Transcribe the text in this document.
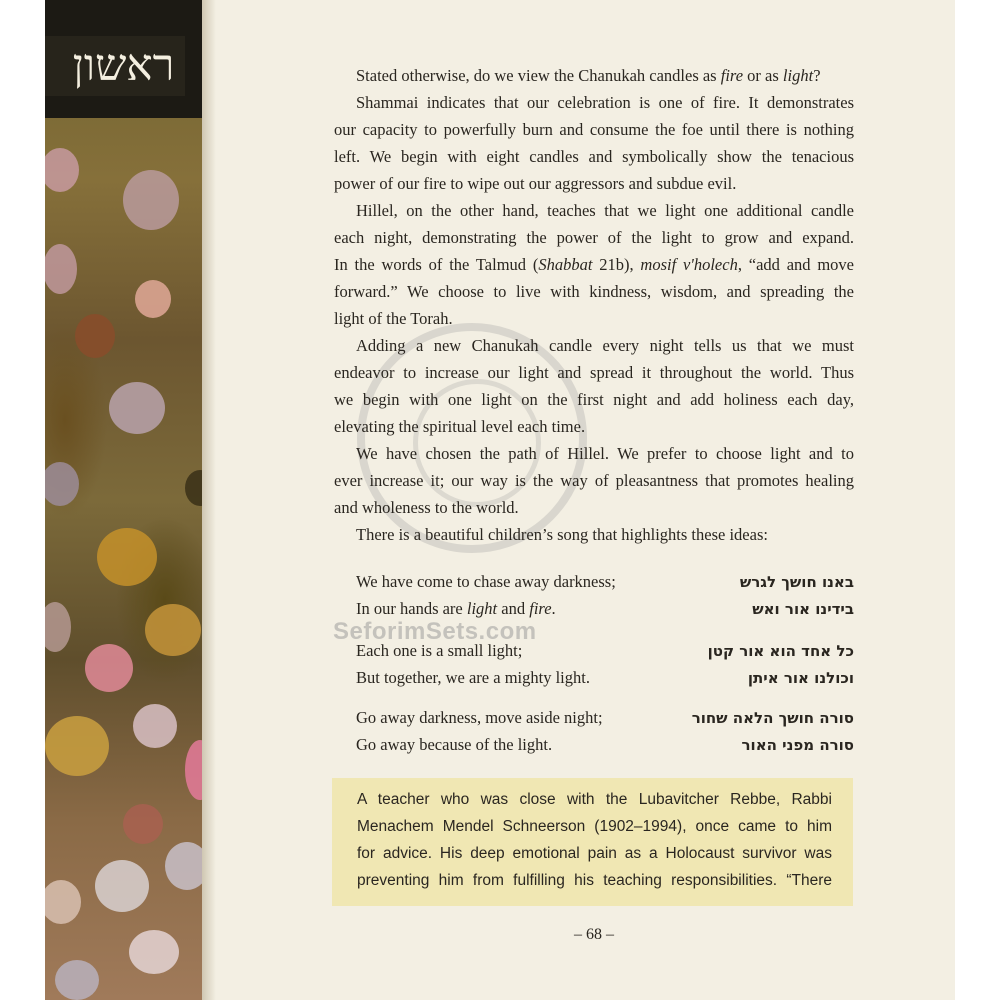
ראשון
SeforimSets.com

Stated otherwise, do we view the Chanukah candles as fire or as light?

Shammai indicates that our celebration is one of fire. It demonstrates
our capacity to powerfully burn and consume the foe until there is nothing
left. We begin with eight candles and symbolically show the tenacious
power of our fire to wipe out our aggressors and subdue evil.

Hillel, on the other hand, teaches that we light one additional candle
each night, demonstrating the power of the light to grow and expand.
In the words of the Talmud (Shabbat 21b), mosif v'holech, “add and move
forward.” We choose to live with kindness, wisdom, and spreading the
light of the Torah.

Adding a new Chanukah candle every night tells us that we must
endeavor to increase our light and spread it throughout the world. Thus
we begin with one light on the first night and add holiness each day,
elevating the spiritual level each time.

We have chosen the path of Hillel. We prefer to choose light and to
ever increase it; our way is the way of pleasantness that promotes healing
and wholeness to the world.

There is a beautiful children’s song that highlights these ideas:

We have come to chase away darkness;	באנו חושך לגרש
In our hands are light and fire.	בידינו אור ואש
Each one is a small light;	כל אחד הוא אור קטן
But together, we are a mighty light.	וכולנו אור איתן
Go away darkness, move aside night;	סורה חושך הלאה שחור
Go away because of the light.	סורה מפני האור
A teacher who was close with the Lubavitcher Rebbe, Rabbi
Menachem Mendel Schneerson (1902–1994), once came to him
for advice. His deep emotional pain as a Holocaust survivor was
preventing him from fulfilling his teaching responsibilities. “There
– 68 –
